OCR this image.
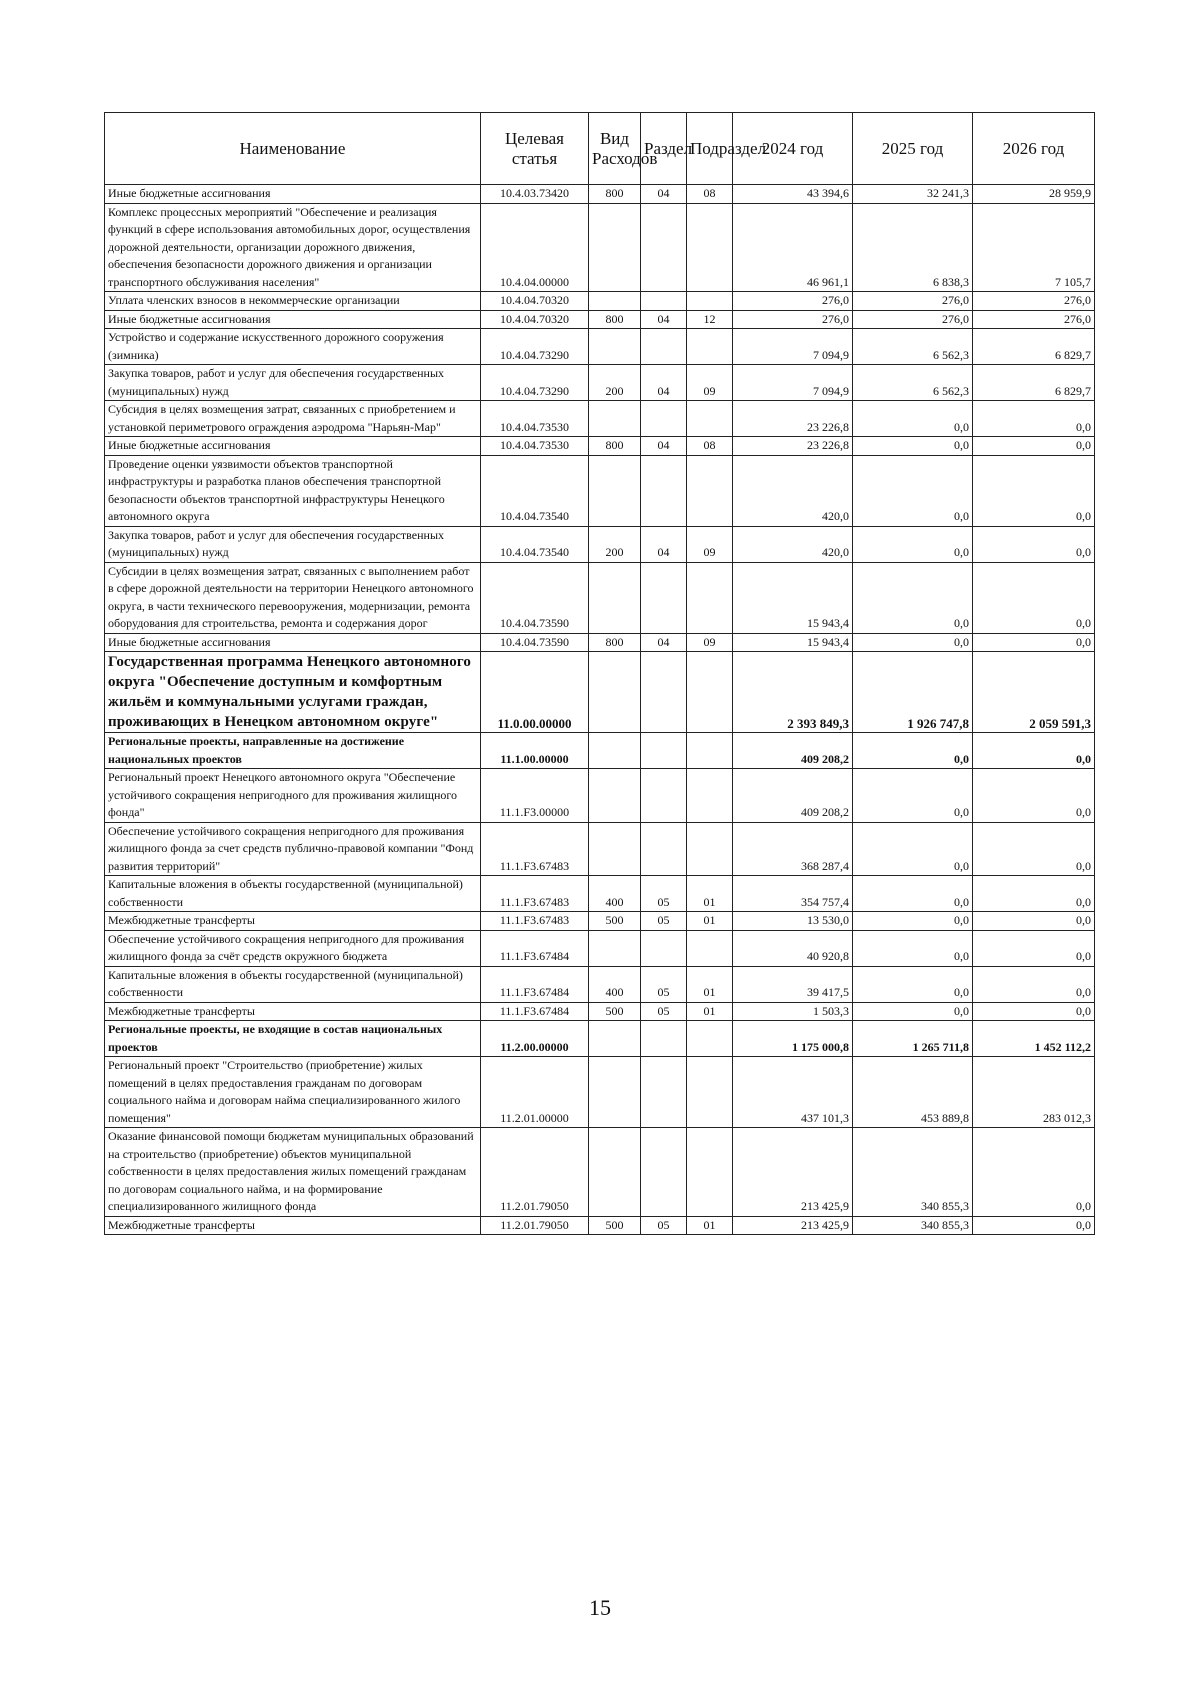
Наименование	Целевая статья	Вид Расходов	Раздел	Подраздел	2024 год	2025 год	2026 год
Иные бюджетные ассигнования	10.4.03.73420	800	04	08	43 394,6	32 241,3	28 959,9
Комплекс процессных мероприятий "Обеспечение и реализация функций в сфере использования автомобильных дорог, осуществления дорожной деятельности, организации дорожного движения, обеспечения безопасности дорожного движения и организации транспортного обслуживания населения"	10.4.04.00000				46 961,1	6 838,3	7 105,7
Уплата членских взносов в некоммерческие организации	10.4.04.70320				276,0	276,0	276,0
Иные бюджетные ассигнования	10.4.04.70320	800	04	12	276,0	276,0	276,0
Устройство и содержание искусственного дорожного сооружения (зимника)	10.4.04.73290				7 094,9	6 562,3	6 829,7
Закупка товаров, работ и услуг для обеспечения государственных (муниципальных) нужд	10.4.04.73290	200	04	09	7 094,9	6 562,3	6 829,7
Субсидия в целях возмещения затрат, связанных с приобретением и установкой периметрового ограждения аэродрома "Нарьян-Мар"	10.4.04.73530				23 226,8	0,0	0,0
Иные бюджетные ассигнования	10.4.04.73530	800	04	08	23 226,8	0,0	0,0
Проведение оценки уязвимости объектов транспортной инфраструктуры и разработка планов обеспечения транспортной безопасности объектов транспортной инфраструктуры Ненецкого автономного округа	10.4.04.73540				420,0	0,0	0,0
Закупка товаров, работ и услуг для обеспечения государственных (муниципальных) нужд	10.4.04.73540	200	04	09	420,0	0,0	0,0
Субсидии в целях возмещения затрат, связанных с выполнением работ в сфере дорожной деятельности на территории Ненецкого автономного округа, в части технического перевооружения, модернизации, ремонта оборудования для строительства, ремонта и содержания дорог	10.4.04.73590				15 943,4	0,0	0,0
Иные бюджетные ассигнования	10.4.04.73590	800	04	09	15 943,4	0,0	0,0
Государственная программа Ненецкого автономного округа "Обеспечение доступным и комфортным жильём и коммунальными услугами граждан, проживающих в Ненецком автономном округе"	11.0.00.00000				2 393 849,3	1 926 747,8	2 059 591,3
Региональные проекты, направленные на достижение национальных проектов	11.1.00.00000				409 208,2	0,0	0,0
Региональный проект Ненецкого автономного округа "Обеспечение устойчивого сокращения непригодного для проживания жилищного фонда"	11.1.F3.00000				409 208,2	0,0	0,0
Обеспечение устойчивого сокращения непригодного для проживания жилищного фонда за счет средств публично-правовой компании "Фонд развития территорий"	11.1.F3.67483				368 287,4	0,0	0,0
Капитальные вложения в объекты государственной (муниципальной) собственности	11.1.F3.67483	400	05	01	354 757,4	0,0	0,0
Межбюджетные трансферты	11.1.F3.67483	500	05	01	13 530,0	0,0	0,0
Обеспечение устойчивого сокращения непригодного для проживания жилищного фонда за счёт средств окружного бюджета	11.1.F3.67484				40 920,8	0,0	0,0
Капитальные вложения в объекты государственной (муниципальной) собственности	11.1.F3.67484	400	05	01	39 417,5	0,0	0,0
Межбюджетные трансферты	11.1.F3.67484	500	05	01	1 503,3	0,0	0,0
Региональные проекты, не входящие в состав национальных проектов	11.2.00.00000				1 175 000,8	1 265 711,8	1 452 112,2
Региональный проект "Строительство (приобретение) жилых помещений в целях предоставления гражданам по договорам социального найма и договорам найма специализированного жилого помещения"	11.2.01.00000				437 101,3	453 889,8	283 012,3
Оказание финансовой помощи бюджетам муниципальных образований на строительство (приобретение) объектов муниципальной собственности в целях предоставления жилых помещений гражданам по договорам социального найма, и на формирование специализированного жилищного фонда	11.2.01.79050				213 425,9	340 855,3	0,0
Межбюджетные трансферты	11.2.01.79050	500	05	01	213 425,9	340 855,3	0,0
15
